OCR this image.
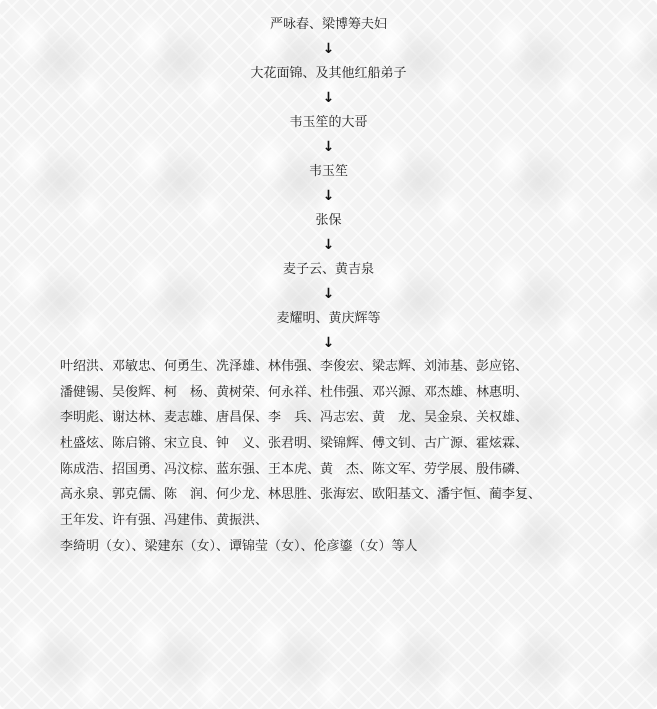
严咏春、梁博筹夫妇
↓
大花面锦、及其他红船弟子
↓
韦玉笙的大哥
↓
韦玉笙
↓
张保
↓
麦子云、黄吉泉
↓
麦耀明、黄庆辉等
↓
叶绍洪、邓敏忠、何勇生、冼泽雄、林伟强、李俊宏、梁志辉、刘沛基、彭应铭、
潘健锡、吴俊辉、柯　杨、黄树荣、何永祥、杜伟强、邓兴源、邓杰雄、林惠明、
李明彪、谢达林、麦志雄、唐昌保、李　兵、冯志宏、黄　龙、吴金泉、关权雄、
杜盛炫、陈启锵、宋立良、钟　义、张君明、梁锦辉、傅文钊、古广源、霍炫霖、
陈成浩、招国勇、冯汶棕、蓝东强、王本虎、黄　杰、陈文军、劳学展、殷伟磷、
高永泉、郭克儒、陈　润、何少龙、林思胜、张海宏、欧阳基文、潘宇恒、蔺李复、
王年发、许有强、冯建伟、黄振洪、
李绮明（女）、梁建东（女）、谭锦莹（女）、伦彦鎏（女）等人
